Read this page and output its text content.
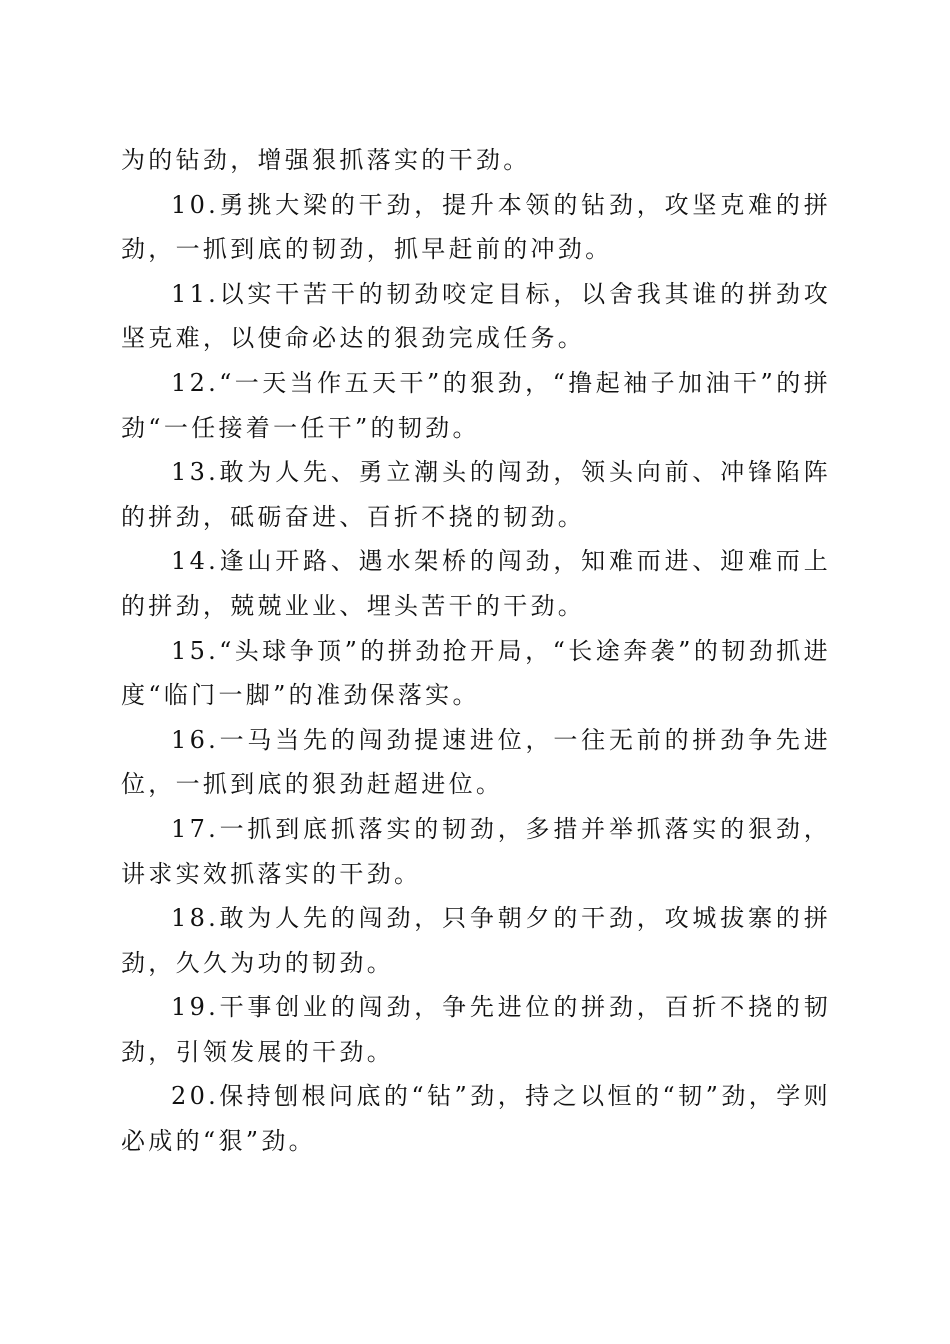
为的钻劲，增强狠抓落实的干劲。

10.勇挑大梁的干劲，提升本领的钻劲，攻坚克难的拼劲，一抓到底的韧劲，抓早赶前的冲劲。

11.以实干苦干的韧劲咬定目标，以舍我其谁的拼劲攻坚克难，以使命必达的狠劲完成任务。

12.“一天当作五天干”的狠劲，“撸起袖子加油干”的拼劲“一任接着一任干”的韧劲。

13.敢为人先、勇立潮头的闯劲，领头向前、冲锋陷阵的拼劲，砥砺奋进、百折不挠的韧劲。

14.逢山开路、遇水架桥的闯劲，知难而进、迎难而上的拼劲，兢兢业业、埋头苦干的干劲。

15.“头球争顶”的拼劲抢开局，“长途奔袭”的韧劲抓进度“临门一脚”的准劲保落实。

16.一马当先的闯劲提速进位，一往无前的拼劲争先进位，一抓到底的狠劲赶超进位。

17.一抓到底抓落实的韧劲，多措并举抓落实的狠劲，讲求实效抓落实的干劲。

18.敢为人先的闯劲，只争朝夕的干劲，攻城拔寨的拼劲，久久为功的韧劲。

19.干事创业的闯劲，争先进位的拼劲，百折不挠的韧劲，引领发展的干劲。

20.保持刨根问底的“钻”劲，持之以恒的“韧”劲，学则必成的“狠”劲。
